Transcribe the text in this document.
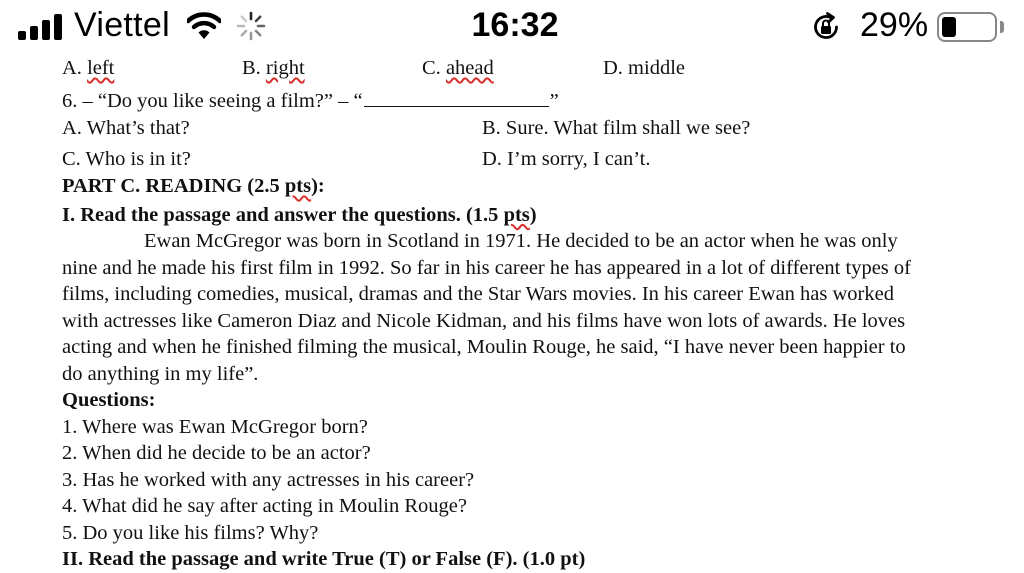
Viettel	16:32	29%
A. left	B. right	C. ahead	D. middle
6. – “Do you like seeing a film?” – “	”
A. What’s that?	B. Sure. What film shall we see?
C. Who is in it?	D. I’m sorry, I can’t.
PART C. READING (2.5 pts):
I. Read the passage and answer the questions. (1.5 pts)
Ewan McGregor was born in Scotland in 1971. He decided to be an actor when he was only
nine and he made his first film in 1992. So far in his career he has appeared in a lot of different types of
films, including comedies, musical, dramas and the Star Wars movies. In his career Ewan has worked
with actresses like Cameron Diaz and Nicole Kidman, and his films have won lots of awards. He loves
acting and when he finished filming the musical, Moulin Rouge, he said, “I have never been happier to
do anything in my life”.
Questions:
1. Where was Ewan McGregor born?
2. When did he decide to be an actor?
3. Has he worked with any actresses in his career?
4. What did he say after acting in Moulin Rouge?
5. Do you like his films? Why?
II. Read the passage and write True (T) or False (F). (1.0 pt)
